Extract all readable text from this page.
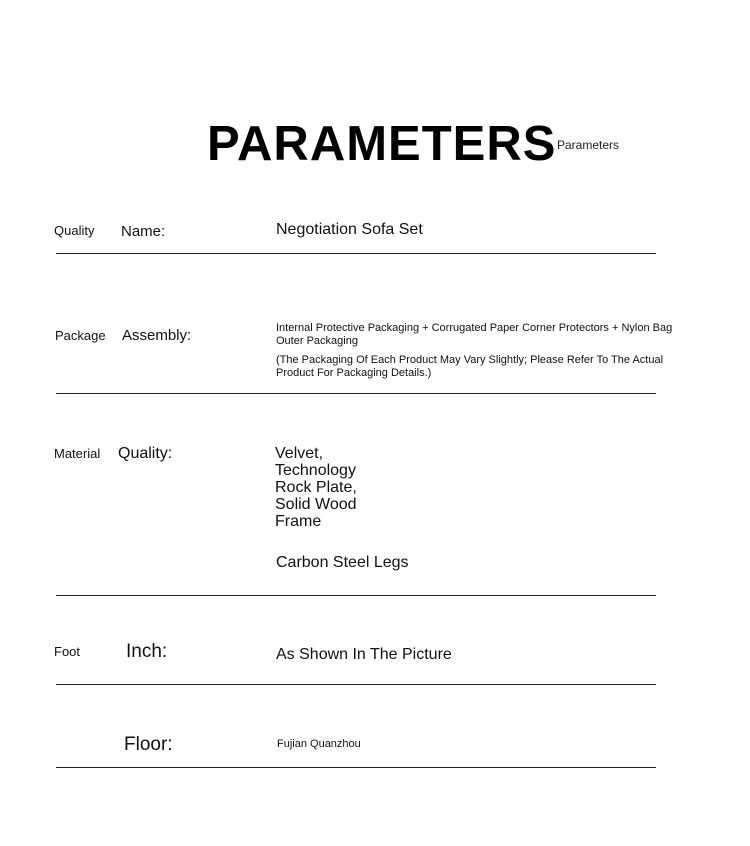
PARAMETERS Parameters
Quality Name:	Negotiation Sofa Set
Package Assembly:	Internal Protective Packaging + Corrugated Paper Corner Protectors + Nylon Bag Outer Packaging
(The Packaging Of Each Product May Vary Slightly; Please Refer To The Actual Product For Packaging Details.)
Material Quality:	Velvet,
Technology
Rock Plate,
Solid Wood
Frame
Carbon Steel Legs
Foot Inch:	As Shown In The Picture
Floor:	Fujian Quanzhou
